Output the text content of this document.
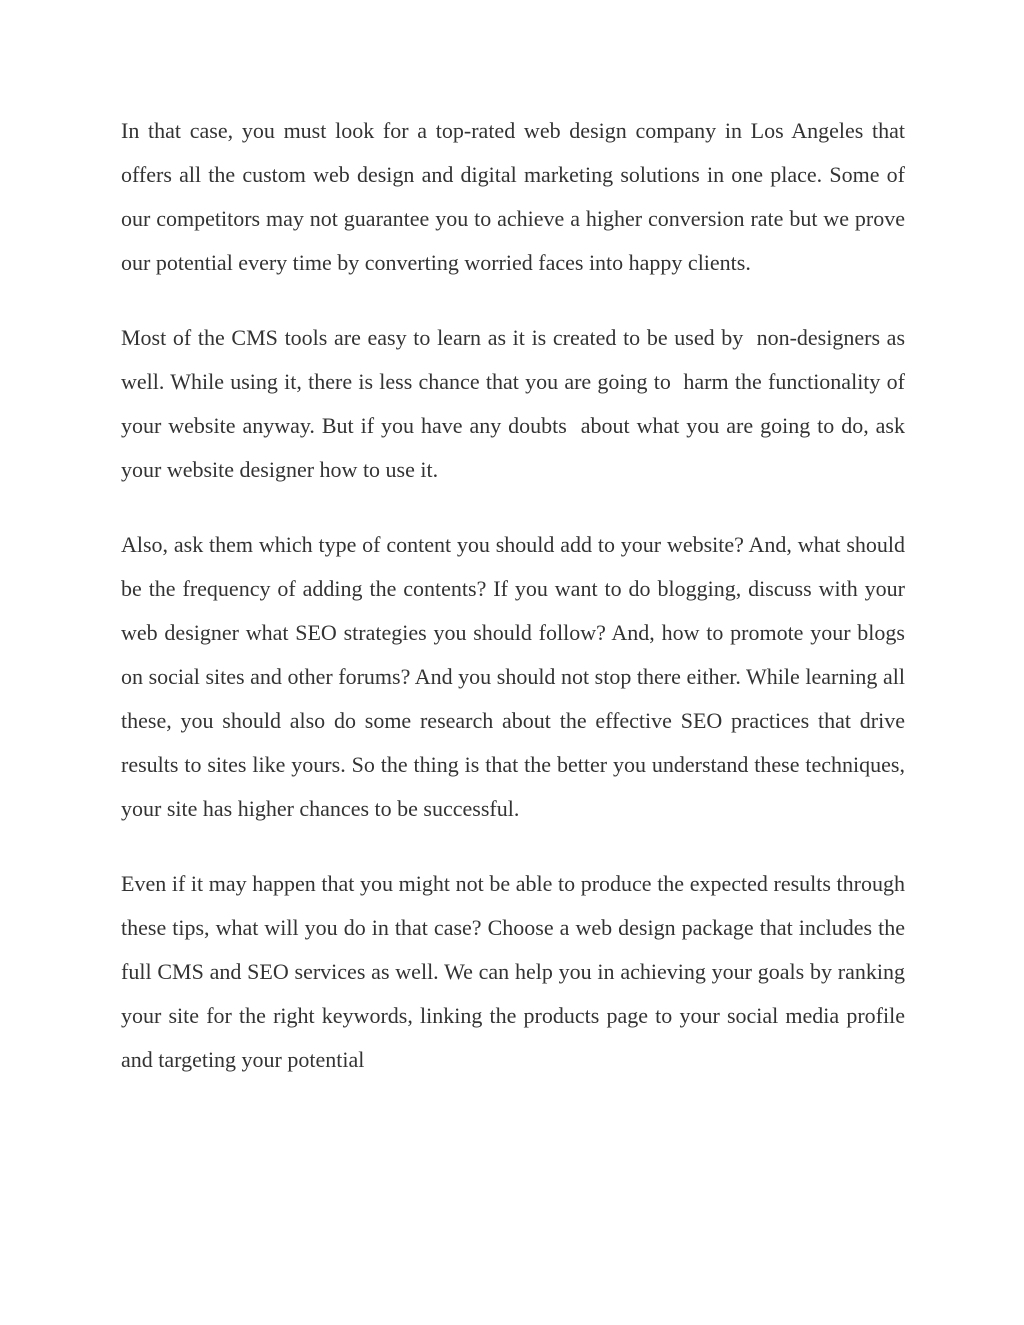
In that case, you must look for a top-rated web design company in Los Angeles that offers all the custom web design and digital marketing solutions in one place. Some of our competitors may not guarantee you to achieve a higher conversion rate but we prove our potential every time by converting worried faces into happy clients.

Most of the CMS tools are easy to learn as it is created to be used by  non-designers as well. While using it, there is less chance that you are going to  harm the functionality of your website anyway. But if you have any doubts  about what you are going to do, ask your website designer how to use it.

Also, ask them which type of content you should add to your website? And, what should be the frequency of adding the contents? If you want to do blogging, discuss with your web designer what SEO strategies you should follow? And, how to promote your blogs on social sites and other forums? And you should not stop there either. While learning all these, you should also do some research about the effective SEO practices that drive results to sites like yours. So the thing is that the better you understand these techniques, your site has higher chances to be successful.

Even if it may happen that you might not be able to produce the expected results through these tips, what will you do in that case? Choose a web design package that includes the full CMS and SEO services as well. We can help you in achieving your goals by ranking your site for the right keywords, linking the products page to your social media profile and targeting your potential
